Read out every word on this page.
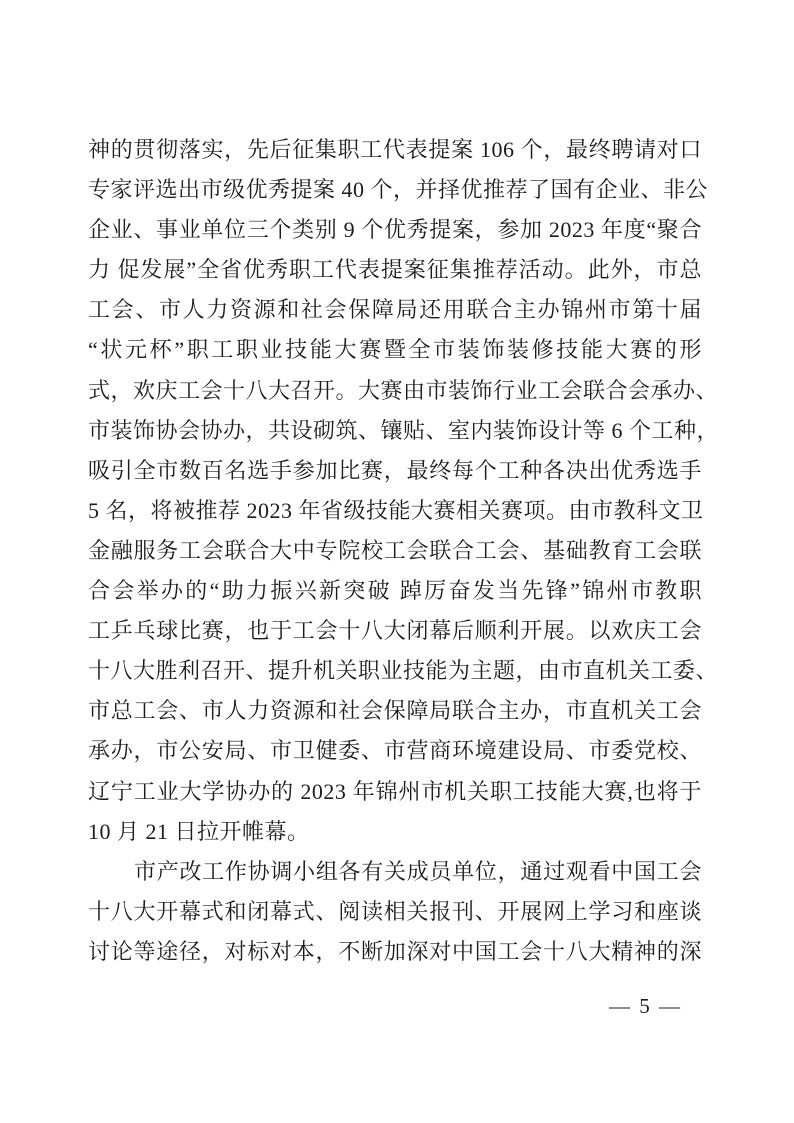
神的贯彻落实，先后征集职工代表提案 106 个，最终聘请对口
专家评选出市级优秀提案 40 个，并择优推荐了国有企业、非公
企业、事业单位三个类别 9 个优秀提案，参加 2023 年度“聚合
力 促发展”全省优秀职工代表提案征集推荐活动。此外，市总
工会、市人力资源和社会保障局还用联合主办锦州市第十届
“状元杯”职工职业技能大赛暨全市装饰装修技能大赛的形
式，欢庆工会十八大召开。大赛由市装饰行业工会联合会承办、
市装饰协会协办，共设砌筑、镶贴、室内装饰设计等 6 个工种，
吸引全市数百名选手参加比赛，最终每个工种各决出优秀选手
5 名，将被推荐 2023 年省级技能大赛相关赛项。由市教科文卫
金融服务工会联合大中专院校工会联合工会、基础教育工会联
合会举办的“助力振兴新突破 踔厉奋发当先锋”锦州市教职
工乒乓球比赛，也于工会十八大闭幕后顺利开展。以欢庆工会
十八大胜利召开、提升机关职业技能为主题，由市直机关工委、
市总工会、市人力资源和社会保障局联合主办，市直机关工会
承办，市公安局、市卫健委、市营商环境建设局、市委党校、
辽宁工业大学协办的 2023 年锦州市机关职工技能大赛,也将于
10 月 21 日拉开帷幕。
市产改工作协调小组各有关成员单位，通过观看中国工会
十八大开幕式和闭幕式、阅读相关报刊、开展网上学习和座谈
讨论等途径，对标对本，不断加深对中国工会十八大精神的深
— 5 —
